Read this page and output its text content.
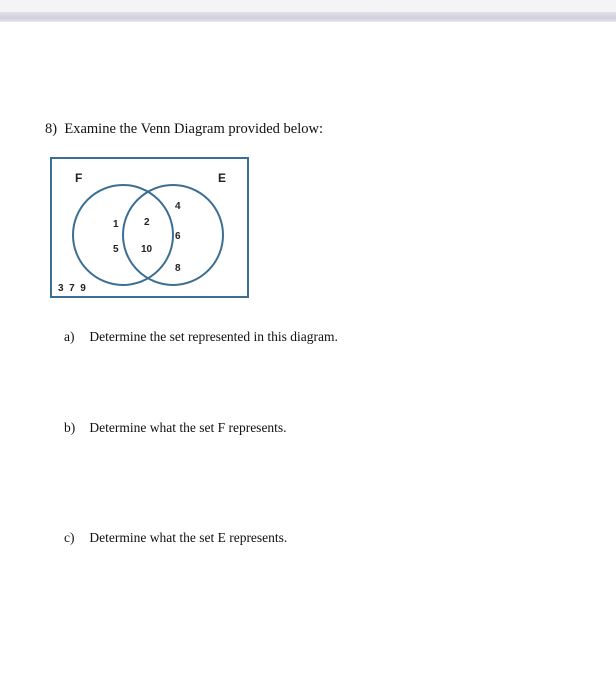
8) Examine the Venn Diagram provided below:
F	E
1
5
2
10
4
6
8
3  7  9
a) Determine the set represented in this diagram.
b) Determine what the set F represents.
c) Determine what the set E represents.
